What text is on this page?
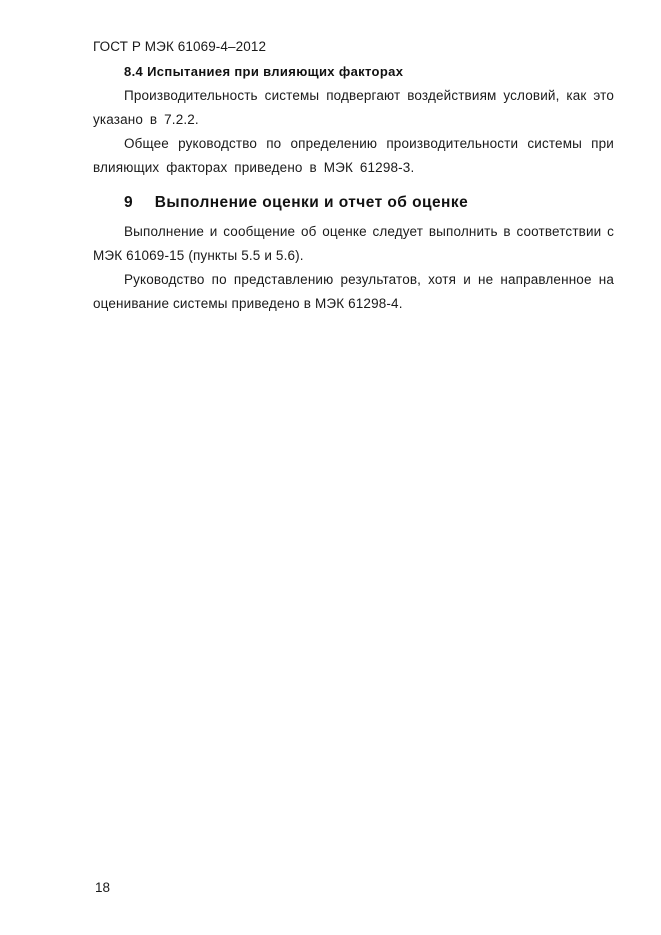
ГОСТ Р МЭК 61069-4–2012
8.4 Испытаниея при влияющих факторах

Производительность системы подвергают воздействиям условий, как это указано в 7.2.2.

Общее руководство по определению производительности системы при влияющих факторах приведено в МЭК 61298-3.

9 Выполнение оценки и отчет об оценке

Выполнение и сообщение об оценке следует выполнить в соответствии с МЭК 61069-15 (пункты 5.5 и 5.6).

Руководство по представлению результатов, хотя и не направленное на оценивание системы приведено в МЭК 61298-4.

18
